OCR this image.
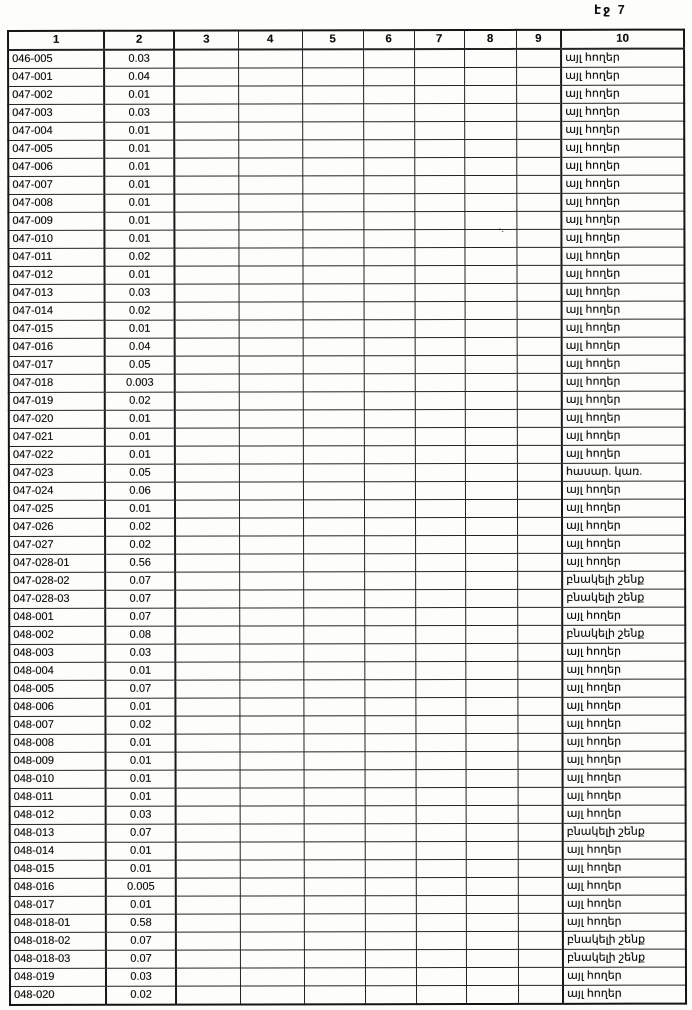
էջ 7
-.
1	2	3	4	5	6	7	8	9	10
046-005	0.03								այլ հողեր
047-001	0.04								այլ հողեր
047-002	0.01								այլ հողեր
047-003	0.03								այլ հողեր
047-004	0.01								այլ հողեր
047-005	0.01								այլ հողեր
047-006	0.01								այլ հողեր
047-007	0.01								այլ հողեր
047-008	0.01								այլ հողեր
047-009	0.01								այլ հողեր
047-010	0.01								այլ հողեր
047-011	0.02								այլ հողեր
047-012	0.01								այլ հողեր
047-013	0.03								այլ հողեր
047-014	0.02								այլ հողեր
047-015	0.01								այլ հողեր
047-016	0.04								այլ հողեր
047-017	0.05								այլ հողեր
047-018	0.003								այլ հողեր
047-019	0.02								այլ հողեր
047-020	0.01								այլ հողեր
047-021	0.01								այլ հողեր
047-022	0.01								այլ հողեր
047-023	0.05								հասար. կառ.
047-024	0.06								այլ հողեր
047-025	0.01								այլ հողեր
047-026	0.02								այլ հողեր
047-027	0.02								այլ հողեր
047-028-01	0.56								այլ հողեր
047-028-02	0.07								բնակելի շենք
047-028-03	0.07								բնակելի շենք
048-001	0.07								այլ հողեր
048-002	0.08								բնակելի շենք
048-003	0.03								այլ հողեր
048-004	0.01								այլ հողեր
048-005	0.07								այլ հողեր
048-006	0.01								այլ հողեր
048-007	0.02								այլ հողեր
048-008	0.01								այլ հողեր
048-009	0.01								այլ հողեր
048-010	0.01								այլ հողեր
048-011	0.01								այլ հողեր
048-012	0.03								այլ հողեր
048-013	0.07								բնակելի շենք
048-014	0.01								այլ հողեր
048-015	0.01								այլ հողեր
048-016	0.005								այլ հողեր
048-017	0.01								այլ հողեր
048-018-01	0.58								այլ հողեր
048-018-02	0.07								բնակելի շենք
048-018-03	0.07								բնակելի շենք
048-019	0.03								այլ հողեր
048-020	0.02								այլ հողեր
